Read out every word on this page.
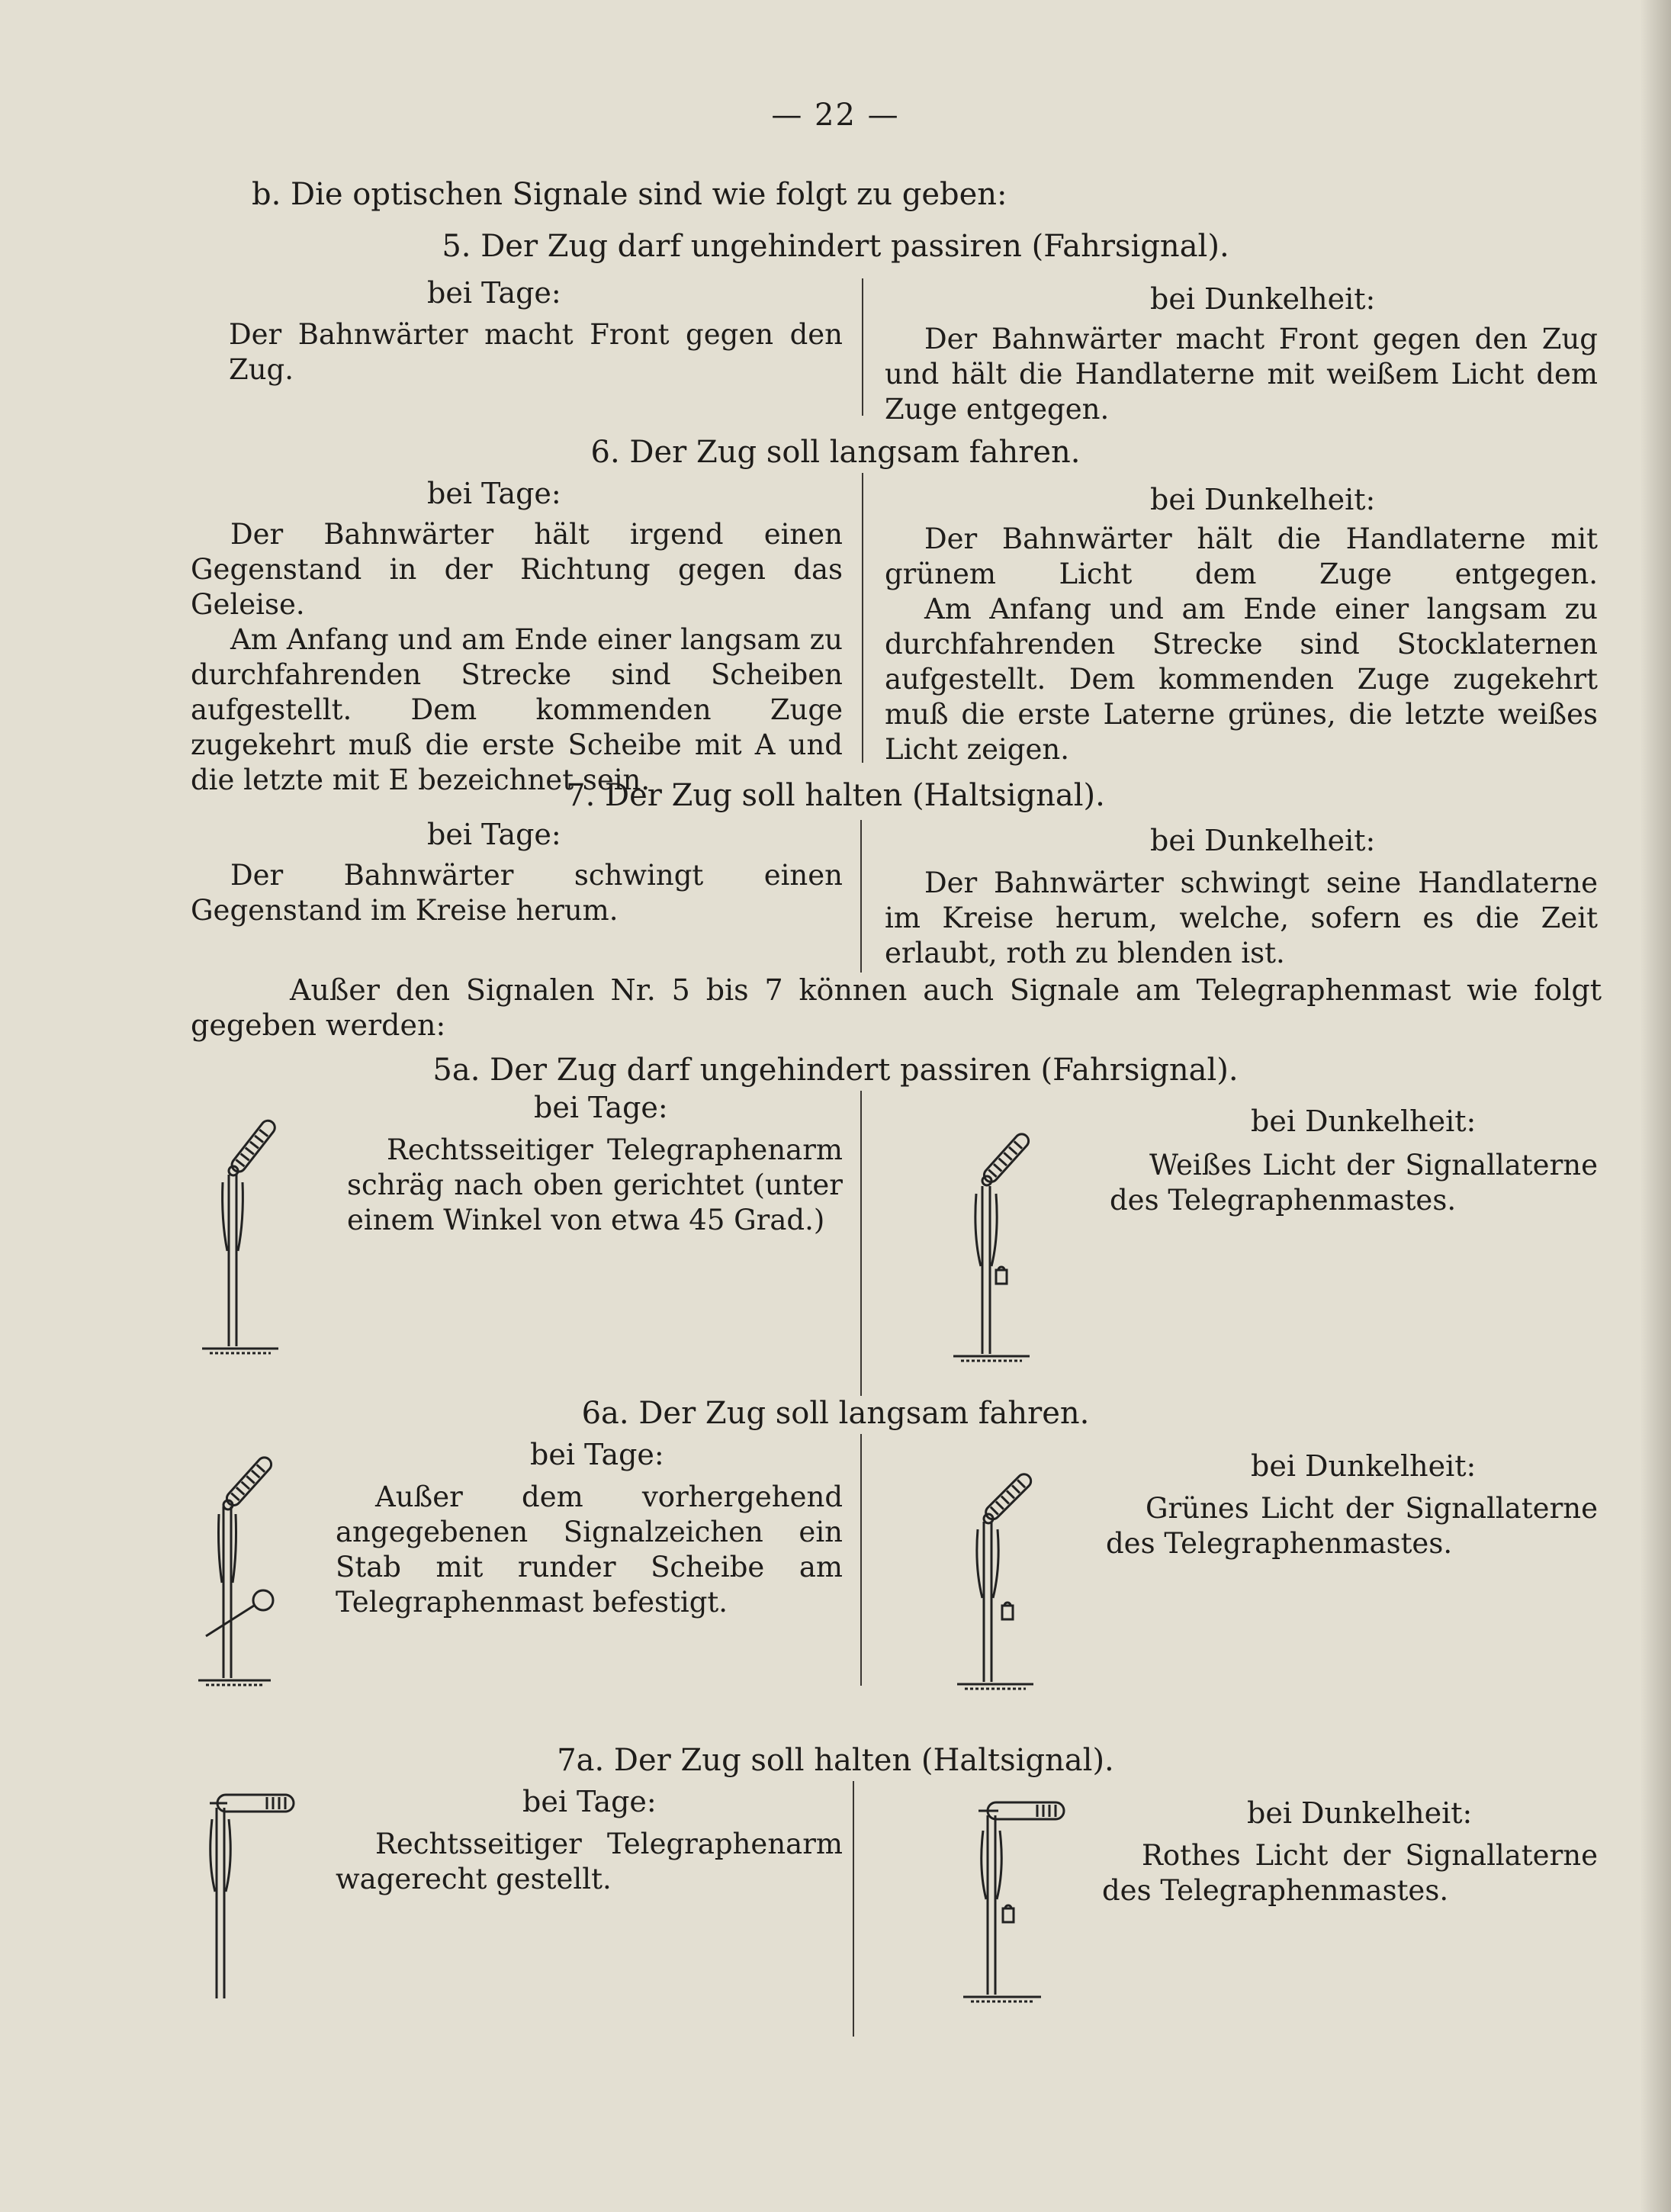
— 22 —
b. Die optischen Signale sind wie folgt zu geben:
5. Der Zug darf ungehindert passiren (Fahrsignal).
bei Tage:	bei Dunkelheit:

Der Bahnwärter macht Front gegen den Zug.

Der Bahnwärter macht Front gegen den Zug und hält die Handlaterne mit weißem Licht dem Zuge entgegen.

6. Der Zug soll langsam fahren.
bei Tage:	bei Dunkelheit:

Der Bahnwärter hält irgend einen Gegenstand in der Richtung gegen das Geleise.

Am Anfang und am Ende einer langsam zu durchfahrenden Strecke sind Scheiben aufgestellt. Dem kommenden Zuge zugekehrt muß die erste Scheibe mit A und die letzte mit E bezeichnet sein.

Der Bahnwärter hält die Handlaterne mit grünem Licht dem Zuge entgegen.

Am Anfang und am Ende einer langsam zu durchfahrenden Strecke sind Stocklaternen aufgestellt. Dem kommenden Zuge zugekehrt muß die erste Laterne grünes, die letzte weißes Licht zeigen.

7. Der Zug soll halten (Haltsignal).
bei Tage:	bei Dunkelheit:

Der Bahnwärter schwingt einen Gegenstand im Kreise herum.

Der Bahnwärter schwingt seine Handlaterne im Kreise herum, welche, sofern es die Zeit erlaubt, roth zu blenden ist.

Außer den Signalen Nr. 5 bis 7 können auch Signale am Telegraphenmast wie folgt gegeben werden:
5a. Der Zug darf ungehindert passiren (Fahrsignal).
bei Tage:	bei Dunkelheit:

Rechtsseitiger Telegraphenarm schräg nach oben gerichtet (unter einem Winkel von etwa 45 Grad.)

Weißes Licht der Signallaterne des Telegraphenmastes.

6a. Der Zug soll langsam fahren.
bei Tage:	bei Dunkelheit:

Außer dem vorhergehend angegebenen Signalzeichen ein Stab mit runder Scheibe am Telegraphenmast befestigt.

Grünes Licht der Signallaterne des Telegraphenmastes.

7a. Der Zug soll halten (Haltsignal).
bei Tage:	bei Dunkelheit:

Rechtsseitiger Telegraphenarm wagerecht gestellt.

Rothes Licht der Signallaterne des Telegraphenmastes.
